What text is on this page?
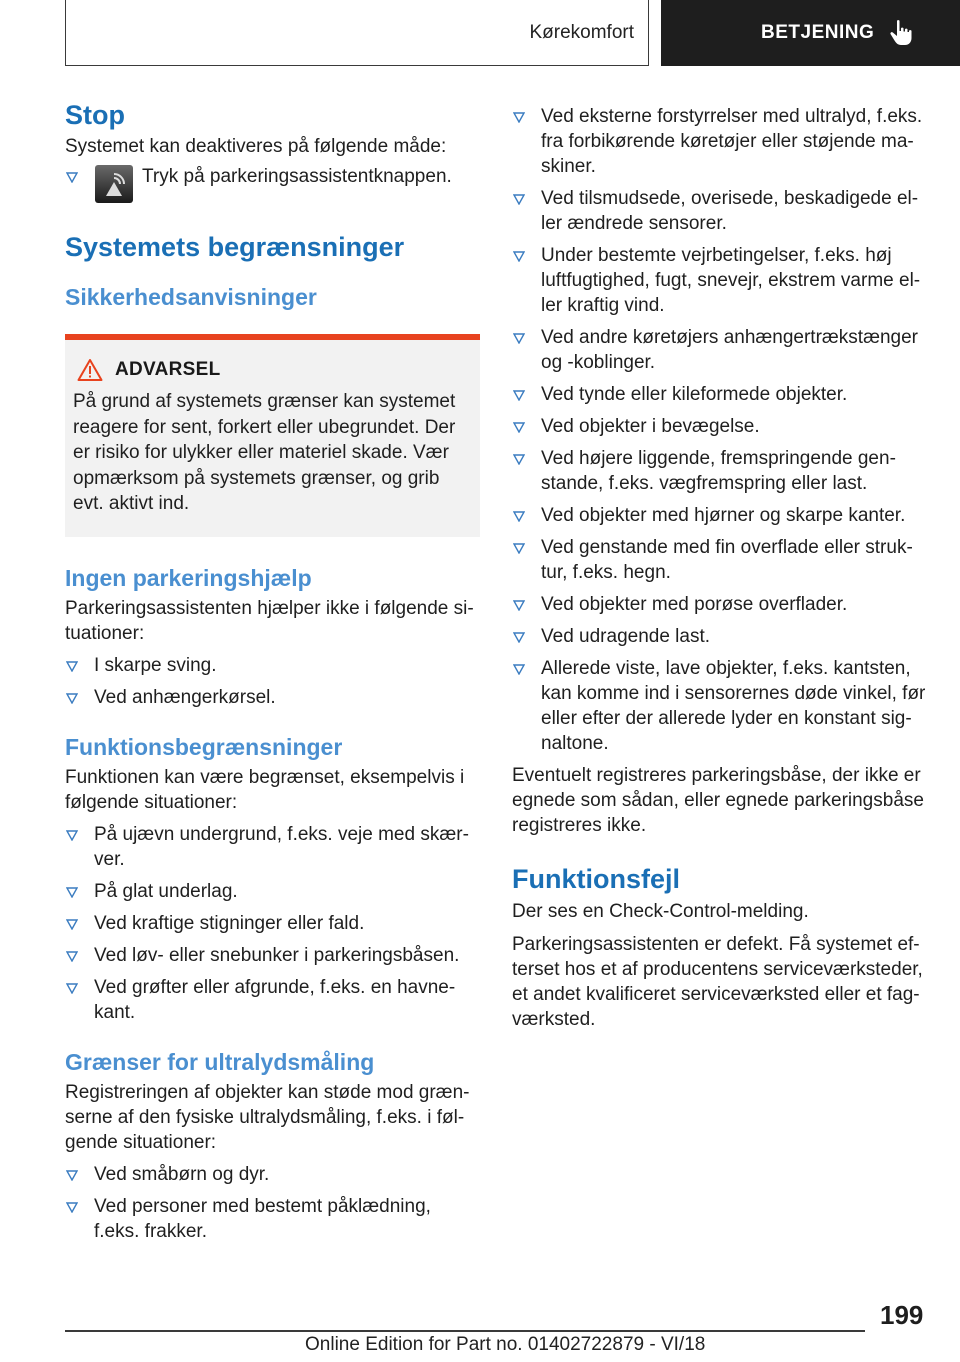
Kørekomfort	BETJENING
Stop
Systemet kan deaktiveres på følgende måde:
Tryk på parkeringsassistentknappen.
Systemets begrænsninger
Sikkerhedsanvisninger
ADVARSEL
På grund af systemets grænser kan systemet reagere for sent, forkert eller ubegrundet. Der er risiko for ulykker eller materiel skade. Vær opmærksom på systemets grænser, og grib evt. aktivt ind.
Ingen parkeringshjælp
Parkeringsassistenten hjælper ikke i følgende si-tuationer:
I skarpe sving.
Ved anhængerkørsel.
Funktionsbegrænsninger
Funktionen kan være begrænset, eksempelvis i følgende situationer:
På ujævn undergrund, f.eks. veje med skær-ver.
På glat underlag.
Ved kraftige stigninger eller fald.
Ved løv- eller snebunker i parkeringsbåsen.
Ved grøfter eller afgrunde, f.eks. en havne-kant.
Grænser for ultralydsmåling
Registreringen af objekter kan støde mod græn-serne af den fysiske ultralydsmåling, f.eks. i føl-gende situationer:
Ved småbørn og dyr.
Ved personer med bestemt påklædning, f.eks. frakker.
Ved eksterne forstyrrelser med ultralyd, f.eks. fra forbikørende køretøjer eller støjende ma-skiner.
Ved tilsmudsede, overisede, beskadigede el-ler ændrede sensorer.
Under bestemte vejrbetingelser, f.eks. høj luftfugtighed, fugt, snevejr, ekstrem varme el-ler kraftig vind.
Ved andre køretøjers anhængertrækstænger og -koblinger.
Ved tynde eller kileformede objekter.
Ved objekter i bevægelse.
Ved højere liggende, fremspringende gen-stande, f.eks. vægfremspring eller last.
Ved objekter med hjørner og skarpe kanter.
Ved genstande med fin overflade eller struk-tur, f.eks. hegn.
Ved objekter med porøse overflader.
Ved udragende last.
Allerede viste, lave objekter, f.eks. kantsten, kan komme ind i sensorernes døde vinkel, før eller efter der allerede lyder en konstant sig-naltone.
Eventuelt registreres parkeringsbåse, der ikke er egnede som sådan, eller egnede parkeringsbåse registreres ikke.
Funktionsfejl
Der ses en Check-Control-melding.
Parkeringsassistenten er defekt. Få systemet ef-terset hos et af producentens serviceværksteder, et andet kvalificeret serviceværksted eller et fag-værksted.
199
Online Edition for Part no. 01402722879 - VI/18
